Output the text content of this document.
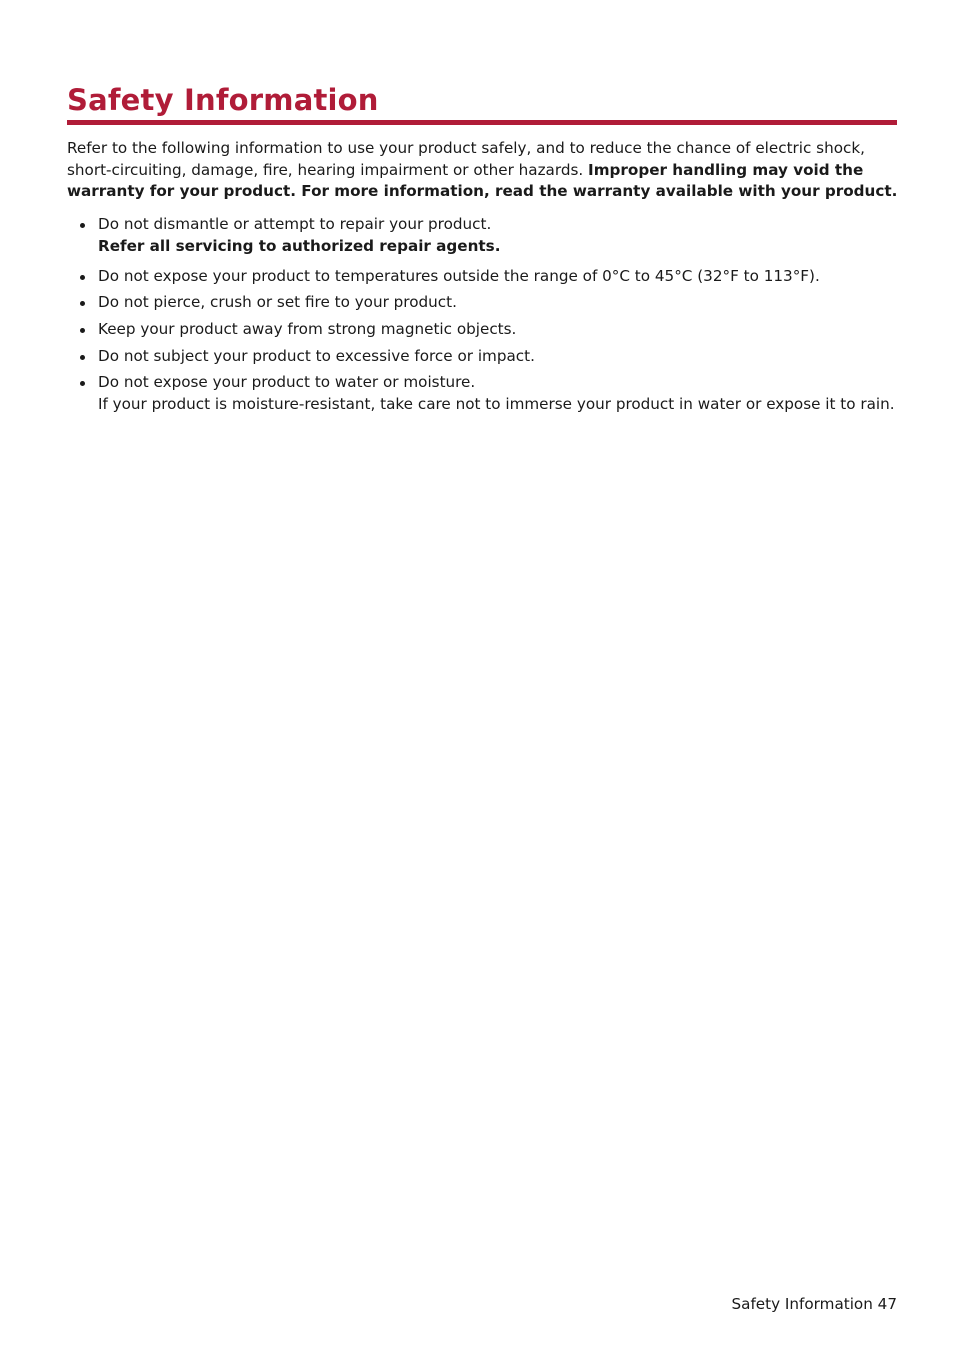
Safety Information

Refer to the following information to use your product safely, and to reduce the chance of electric shock, short-circuiting, damage, fire, hearing impairment or other hazards. Improper handling may void the warranty for your product. For more information, read the warranty available with your product.

Do not dismantle or attempt to repair your product.
Refer all servicing to authorized repair agents.
Do not expose your product to temperatures outside the range of 0°C to 45°C (32°F to 113°F).
Do not pierce, crush or set fire to your product.
Keep your product away from strong magnetic objects.
Do not subject your product to excessive force or impact.
Do not expose your product to water or moisture.
If your product is moisture-resistant, take care not to immerse your product in water or expose it to rain.
Safety Information 47
